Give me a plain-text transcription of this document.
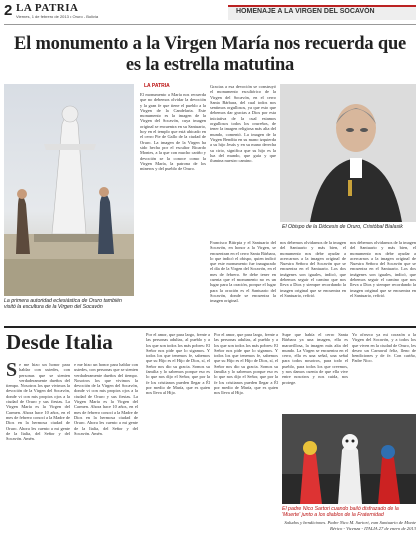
2 LA PATRIA
Viernes, 1 de febrero de 2013 • Oruro - Bolivia
HOMENAJE A LA VIRGEN DEL SOCAVÓN
El monumento a la Virgen María nos recuerda que es la estrella matutina
La primera autoridad eclesiástica de Oruro también visitó la escultura de la Virgen del Socavón
LA PATRIA
El monumento a María nos recuerda que no debemos olvidar la devoción y la gran fe que tiene el pueblo a la Virgen de la Candelaria. Este monumento es la imagen de la Virgen del Socavón, cuya imagen original se encuentra en su Santuario, hoy en el templo que está ubicado en el cerro Pie de Gallo de la ciudad de Oruro. La imagen de la Virgen ha sido hecha por el escultor Ricardo Montes, a la que con mucho cariño y devoción se la conoce como la Virgen María, la patrona de los mineros y del pueblo de Oruro.
Gracias a esa devoción se construyó el monumento escultórico de la Virgen del Socavón, en el cerro Santa Bárbara, del cual todos nos sentimos orgullosos, ya que esto que debemos dar gracias a Dios por esta iniciativa de la cual estamos orgullosos todos los orureños, de tener la imagen religiosa más alta del mundo, comentó. La imagen de la Virgen Bendita en su mano izquierda a su hijo Jesús y en su mano derecha su cirio, significa que su hijo es la luz del mundo, que guía y que ilumina nuestro camino.
El Obispo de la Diócesis de Oruro, Cristóbal Bialasik
Francisco Bitirpia y el Santuario del Socavón, en honor a la Virgen, se encuentran en el cerro Santa Bárbara, lo que indicó el obispo, quien indicó que este monumento fue inaugurado el día de la Virgen del Socavón, en el mes de febrero. Se debe tener en cuenta que el monumento no es un lugar para la oración, porque el lugar para la oración es el Santuario del Socavón, donde se encuentra la imagen original.
nos debemos olvidarnos de la imagen del Santuario y más bien, el monumento nos debe ayudar a acercarnos a la imagen original de Nuestra Señora del Socavón que se encuentra en el Santuario. Los dos imágenes son iguales, indicó, que debemos seguir el camino que nos lleva a Dios y siempre recordando la imagen original que se encuentra en el Santuario, refirió.
nos debemos olvidarnos de la imagen del Santuario y más bien, el monumento nos debe ayudar a acercarnos a la imagen original de Nuestra Señora del Socavón que se encuentra en el Santuario. Los dos imágenes son iguales, indicó, que debemos seguir el camino que nos lleva a Dios y siempre recordando la imagen original que se encuentra en el Santuario, refirió.
Desde Italia
Se me hizo un honor para hablar con ustedes, con personas que se sienten verdaderamente dueños del tiempo. Nosotros los que vivimos la devoción de la Virgen del Socavón, donde vi con mis propios ojos a la ciudad de Oruro y sus fiestas. La Virgen María es la Virgen del Carmen. Ahora hace 10 años, en el mes de febrero conocí a la Madre de Dios en la hermosa ciudad de Oruro. Ahora les cuento a mi gente de la Italia, del Señor y del Socavón. Amén.
e me hizo un honor para hablar con ustedes, con personas que se sienten verdaderamente dueños del tiempo. Nosotros los que vivimos la devoción de la Virgen del Socavón, donde vi con mis propios ojos a la ciudad de Oruro y sus fiestas. La Virgen María es la Virgen del Carmen. Ahora hace 10 años, en el mes de febrero conocí a la Madre de Dios en la hermosa ciudad de Oruro. Ahora les cuento a mi gente de la Italia, del Señor y del Socavón. Amén.
Por el amor, que para largo, frente a las personas adultas, al pueblo y a los que son todos los más pobres: El Señor nos pide que lo sigamos. Y todos los que tenemos fe, sabemos que su Hijo es el Hijo de Dios, sí, el Señor nos dio su gracia. Somos su familia y lo sabemos porque eso es lo que nos dijo el Señor, que por la fe los cristianos pueden llegar a Él por medio de María, que es quien nos lleva al Hijo.
Por el amor, que para largo, frente a las personas adultas, al pueblo y a los que son todos los más pobres: El Señor nos pide que lo sigamos. Y todos los que tenemos fe, sabemos que su Hijo es el Hijo de Dios, sí, el Señor nos dio su gracia. Somos su familia y lo sabemos porque eso es lo que nos dijo el Señor, que por la fe los cristianos pueden llegar a Él por medio de María, que es quien nos lleva al Hijo.
Supe que había el cerro Santa Bárbara ya una imagen, ella es maravillosa, la imagen más alta del mundo. La Virgen se encuentra en el cerro, ella es una señal, una señal para todos nosotros, para todo el pueblo, para todos los que creemos, y nos damos cuenta de que ella vive entre nosotros y nos cuida, nos protege.
El padre Nico Sartori cuando bailó disfrazado de la 'Muerte' junto a los diablos de la Fraternidad
Yo ofrezco ya mi corazón a la Virgen del Socavón, y a todos los que viven en la ciudad de Oruro, les deseo un Carnaval feliz, lleno de bendiciones y de fe. Con cariño, Padre Nico.
Saludos y bendiciones. Padre Nico M. Sartori, exm Santuario de Monte Bérico - Vicenza - ITALIA 27 de enero de 2013
